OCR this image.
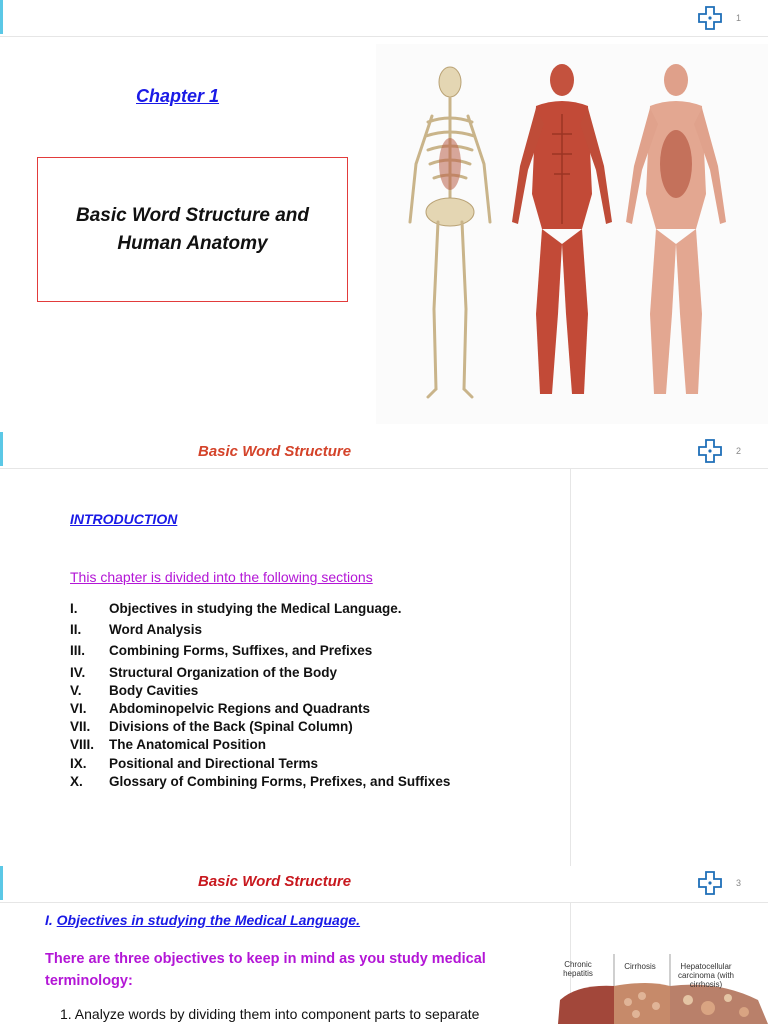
1
Chapter 1
Basic Word Structure and Human Anatomy
Basic Word Structure	2
INTRODUCTION
This chapter is divided into the following sections
I.	Objectives in studying the Medical Language.
II.	Word Analysis
III.	Combining Forms, Suffixes, and Prefixes
IV.	Structural Organization of the Body
V.	Body Cavities
VI.	Abdominopelvic Regions and Quadrants
VII.	Divisions of the Back (Spinal Column)
VIII.	The Anatomical Position
IX.	Positional and Directional Terms
X.	Glossary of Combining Forms, Prefixes, and Suffixes
Basic Word Structure	3
I. Objectives in studying the Medical Language.
There are three objectives to keep in mind as you study medical terminology:
1. Analyze words by dividing them into component parts to separate
Chronic hepatitis
Cirrhosis	Hepatocellular carcinoma (with cirrhosis)
